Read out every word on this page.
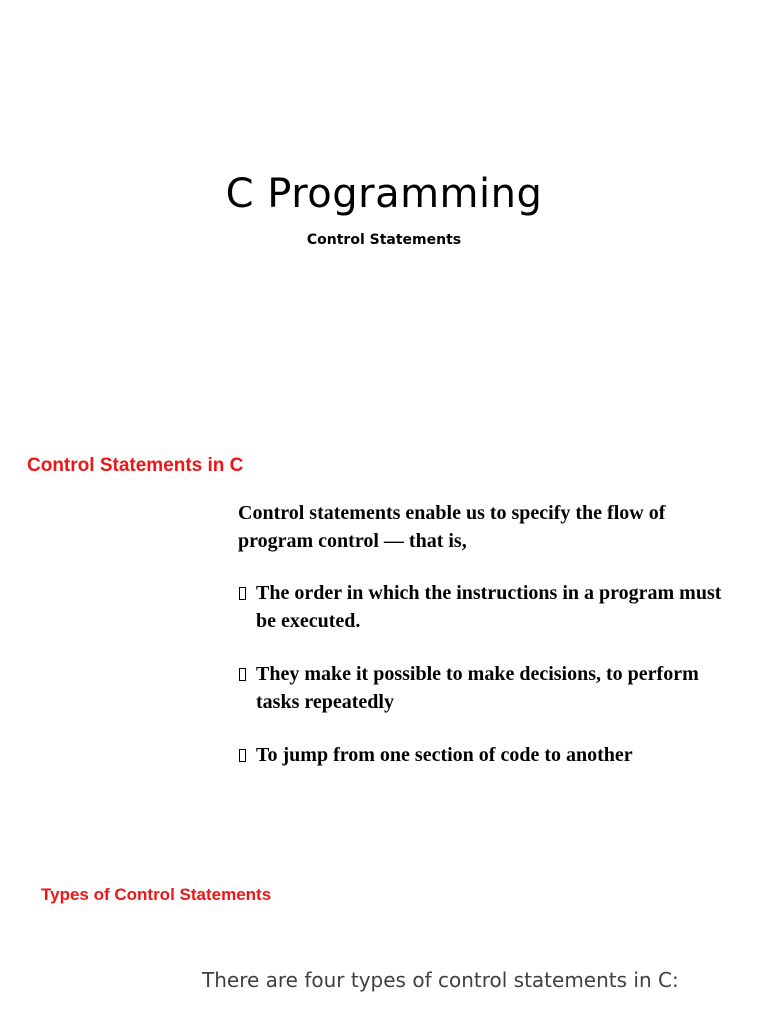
C Programming
Control Statements
Control Statements in C

Control statements enable us to specify the flow of program control — that is,

The order in which the instructions in a program must be executed.
They make it possible to make decisions, to perform tasks repeatedly
To jump from one section of code to another
Types of Control Statements

There are four types of control statements in C:
